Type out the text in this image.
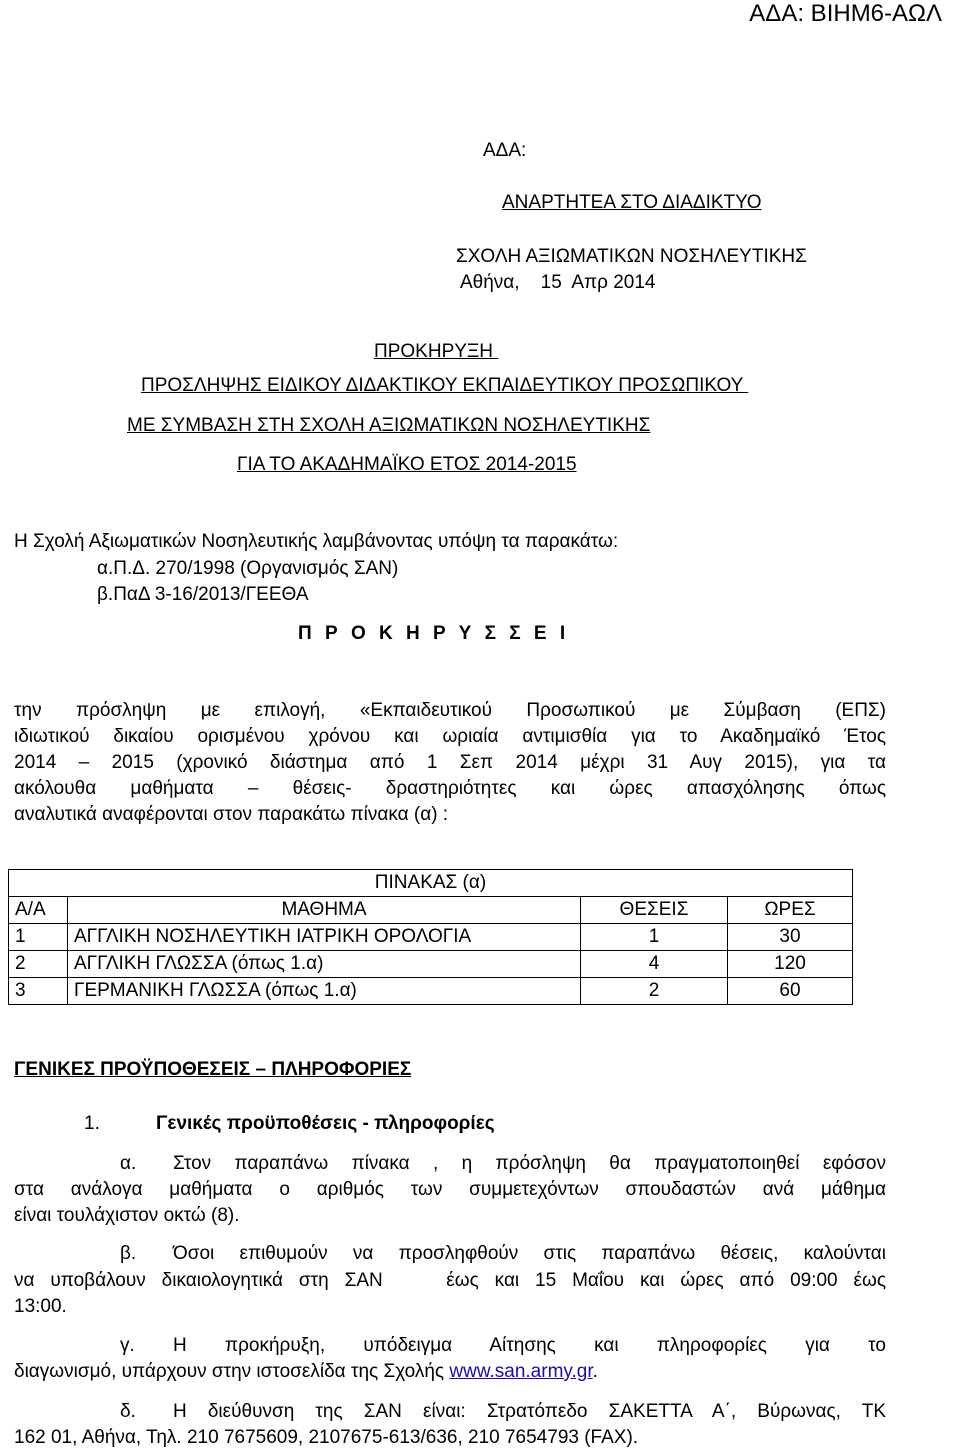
ΑΔΑ: ΒΙΗΜ6-ΑΩΛ
ΑΔΑ:
ΑΝΑΡΤΗΤΕΑ ΣΤΟ ΔΙΑΔΙΚΤΥΟ
ΣΧΟΛΗ ΑΞΙΩΜΑΤΙΚΩΝ ΝΟΣΗΛΕΥΤΙΚΗΣ
Αθήνα,    15  Απρ 2014
ΠΡΟΚΗΡΥΞΗ
ΠΡΟΣΛΗΨΗΣ ΕΙΔΙΚΟΥ ΔΙΔΑΚΤΙΚΟΥ ΕΚΠΑΙΔΕΥΤΙΚΟΥ ΠΡΟΣΩΠΙΚΟΥ
ΜΕ ΣΥΜΒΑΣΗ ΣΤΗ ΣΧΟΛΗ ΑΞΙΩΜΑΤΙΚΩΝ ΝΟΣΗΛΕΥΤΙΚΗΣ
ΓΙΑ ΤΟ ΑΚΑΔΗΜΑΪΚΟ ΕΤΟΣ 2014-2015
Η Σχολή Αξιωματικών Νοσηλευτικής λαμβάνοντας υπόψη τα παρακάτω:
α.Π.Δ. 270/1998 (Οργανισμός ΣΑΝ)
β.ΠαΔ 3-16/2013/ΓΕΕΘΑ
Π Ρ Ο Κ Η Ρ Υ Σ Σ Ε Ι
την πρόσληψη με επιλογή, «Εκπαιδευτικού Προσωπικού με Σύμβαση (ΕΠΣ)
ιδιωτικού δικαίου ορισμένου χρόνου και ωριαία αντιμισθία για το Ακαδημαϊκό Έτος
2014 – 2015 (χρονικό διάστημα από 1 Σεπ 2014 μέχρι 31 Αυγ 2015), για τα
ακόλουθα μαθήματα – θέσεις- δραστηριότητες και ώρες απασχόλησης όπως
αναλυτικά αναφέρονται στον παρακάτω πίνακα (α) :
ΠΙΝΑΚΑΣ (α)			
Α/Α	ΜΑΘΗΜΑ	ΘΕΣΕΙΣ	ΩΡΕΣ
1	ΑΓΓΛΙΚΗ ΝΟΣΗΛΕΥΤΙΚΗ ΙΑΤΡΙΚΗ ΟΡΟΛΟΓΙΑ	1	30
2	ΑΓΓΛΙΚΗ ΓΛΩΣΣΑ (όπως 1.α)	4	120
3	ΓΕΡΜΑΝΙΚΗ ΓΛΩΣΣΑ (όπως 1.α)	2	60
ΓΕΝΙΚΕΣ ΠΡΟΫΠΟΘΕΣΕΙΣ – ΠΛΗΡΟΦΟΡΙΕΣ
1.	Γενικές προϋποθέσεις - πληροφορίες
α. Στον παραπάνω πίνακα , η πρόσληψη θα πραγματοποιηθεί εφόσον
στα ανάλογα μαθήματα ο αριθμός των συμμετεχόντων σπουδαστών ανά μάθημα
είναι τουλάχιστον οκτώ (8).
β. Όσοι επιθυμούν να προσληφθούν στις παραπάνω θέσεις, καλούνται
να υποβάλουν δικαιολογητικά στη ΣΑΝ    έως και 15 Μαΐου και ώρες από 09:00 έως
13:00.
γ. Η προκήρυξη, υπόδειγμα Αίτησης και πληροφορίες για το
διαγωνισμό, υπάρχουν στην ιστοσελίδα της Σχολής www.san.army.gr.
δ. Η διεύθυνση της ΣΑΝ είναι: Στρατόπεδο ΣΑΚΕΤΤΑ Α΄, Βύρωνας, ΤΚ
162 01, Αθήνα, Τηλ. 210 7675609, 2107675-613/636, 210 7654793 (FAX).
